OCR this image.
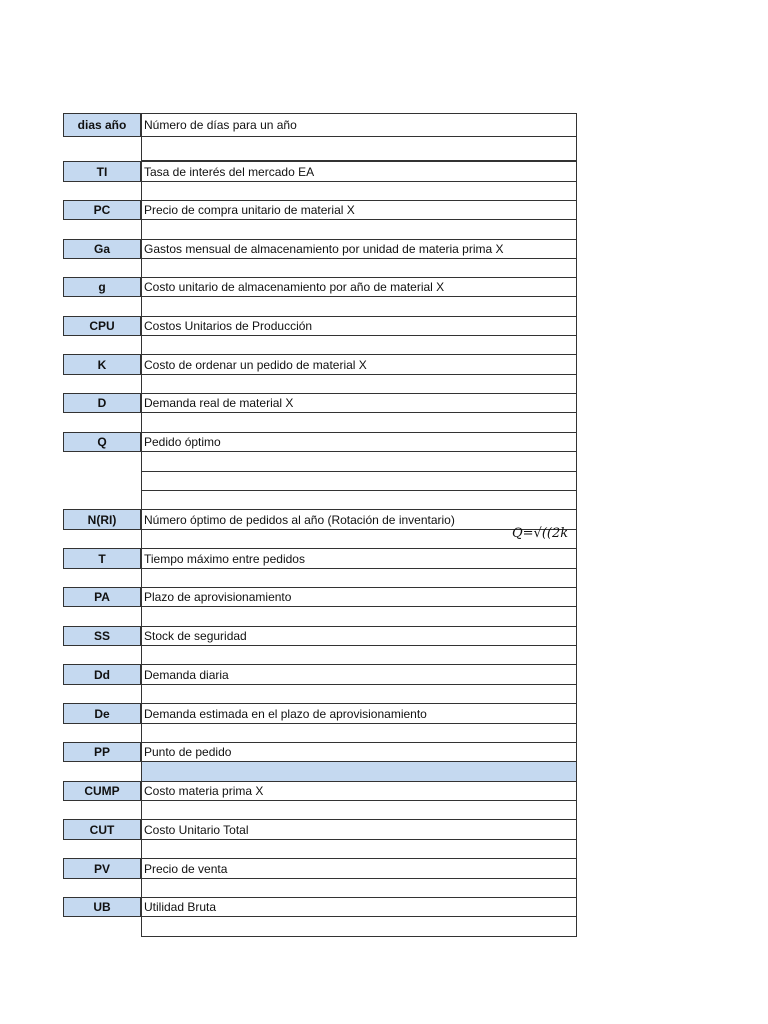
dias año	Número de días para un año
TI	Tasa de interés del mercado EA
PC	Precio de compra unitario de material X
Ga	Gastos mensual de almacenamiento por unidad de materia prima X
g	Costo unitario de almacenamiento por año de material X
CPU	Costos Unitarios de Producción
K	Costo de ordenar un pedido de material X
D	Demanda real de material X
Q	Pedido óptimo
N(RI)	Número óptimo de pedidos al año (Rotación de inventario)
T	Tiempo máximo entre pedidos
PA	Plazo de aprovisionamiento
SS	Stock de seguridad
Dd	Demanda diaria
De	Demanda estimada en el plazo de aprovisionamiento
PP	Punto de pedido
CUMP	Costo materia prima X
CUT	Costo Unitario Total
PV	Precio de venta
UB	Utilidad Bruta
Q=√((2k
